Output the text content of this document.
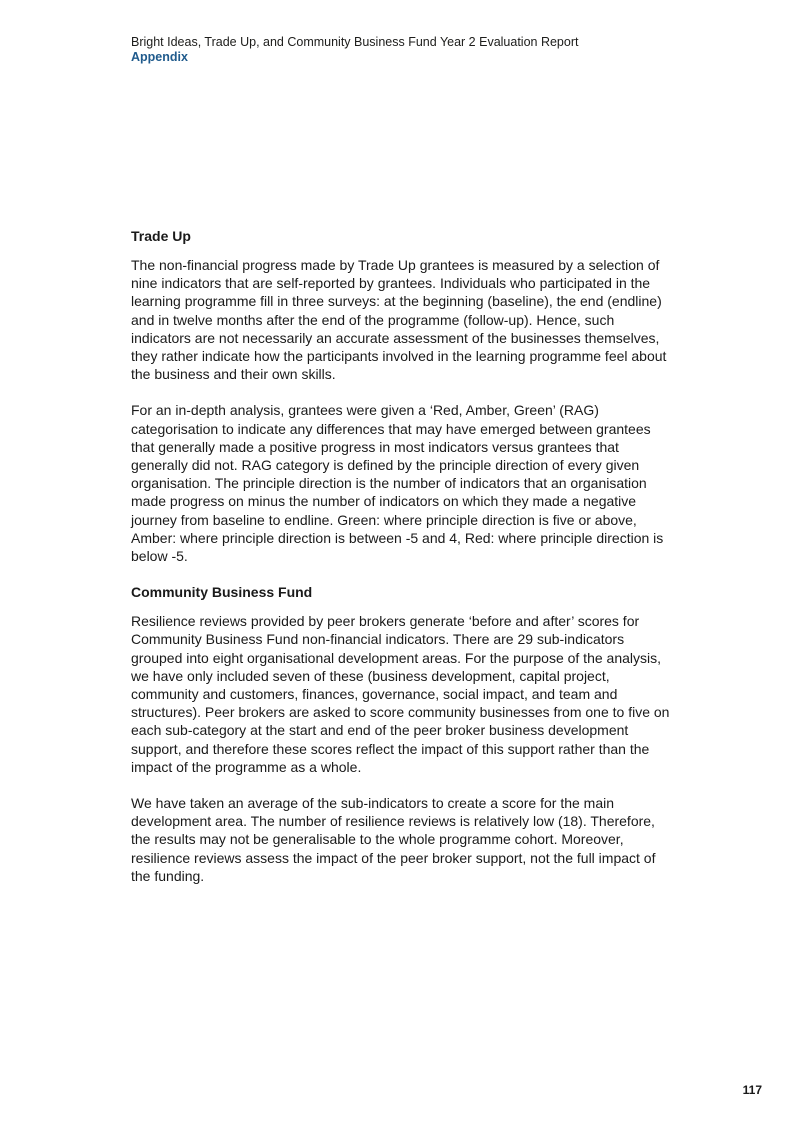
Bright Ideas, Trade Up, and Community Business Fund Year 2 Evaluation Report
Appendix
Trade Up

The non-financial progress made by Trade Up grantees is measured by a selection of nine indicators that are self-reported by grantees. Individuals who participated in the learning programme fill in three surveys: at the beginning (baseline), the end (endline) and in twelve months after the end of the programme (follow-up). Hence, such indicators are not necessarily an accurate assessment of the businesses themselves, they rather indicate how the participants involved in the learning programme feel about the business and their own skills.

For an in-depth analysis, grantees were given a ‘Red, Amber, Green’ (RAG) categorisation to indicate any differences that may have emerged between grantees that generally made a positive progress in most indicators versus grantees that generally did not. RAG category is defined by the principle direction of every given organisation. The principle direction is the number of indicators that an organisation made progress on minus the number of indicators on which they made a negative journey from baseline to endline. Green: where principle direction is five or above, Amber: where principle direction is between -5 and 4, Red: where principle direction is below -5.

Community Business Fund

Resilience reviews provided by peer brokers generate ‘before and after’ scores for Community Business Fund non-financial indicators. There are 29 sub-indicators grouped into eight organisational development areas. For the purpose of the analysis, we have only included seven of these (business development, capital project, community and customers, finances, governance, social impact, and team and structures). Peer brokers are asked to score community businesses from one to five on each sub-category at the start and end of the peer broker business development support, and therefore these scores reflect the impact of this support rather than the impact of the programme as a whole.

We have taken an average of the sub-indicators to create a score for the main development area. The number of resilience reviews is relatively low (18). Therefore, the results may not be generalisable to the whole programme cohort. Moreover, resilience reviews assess the impact of the peer broker support, not the full impact of the funding.

117
